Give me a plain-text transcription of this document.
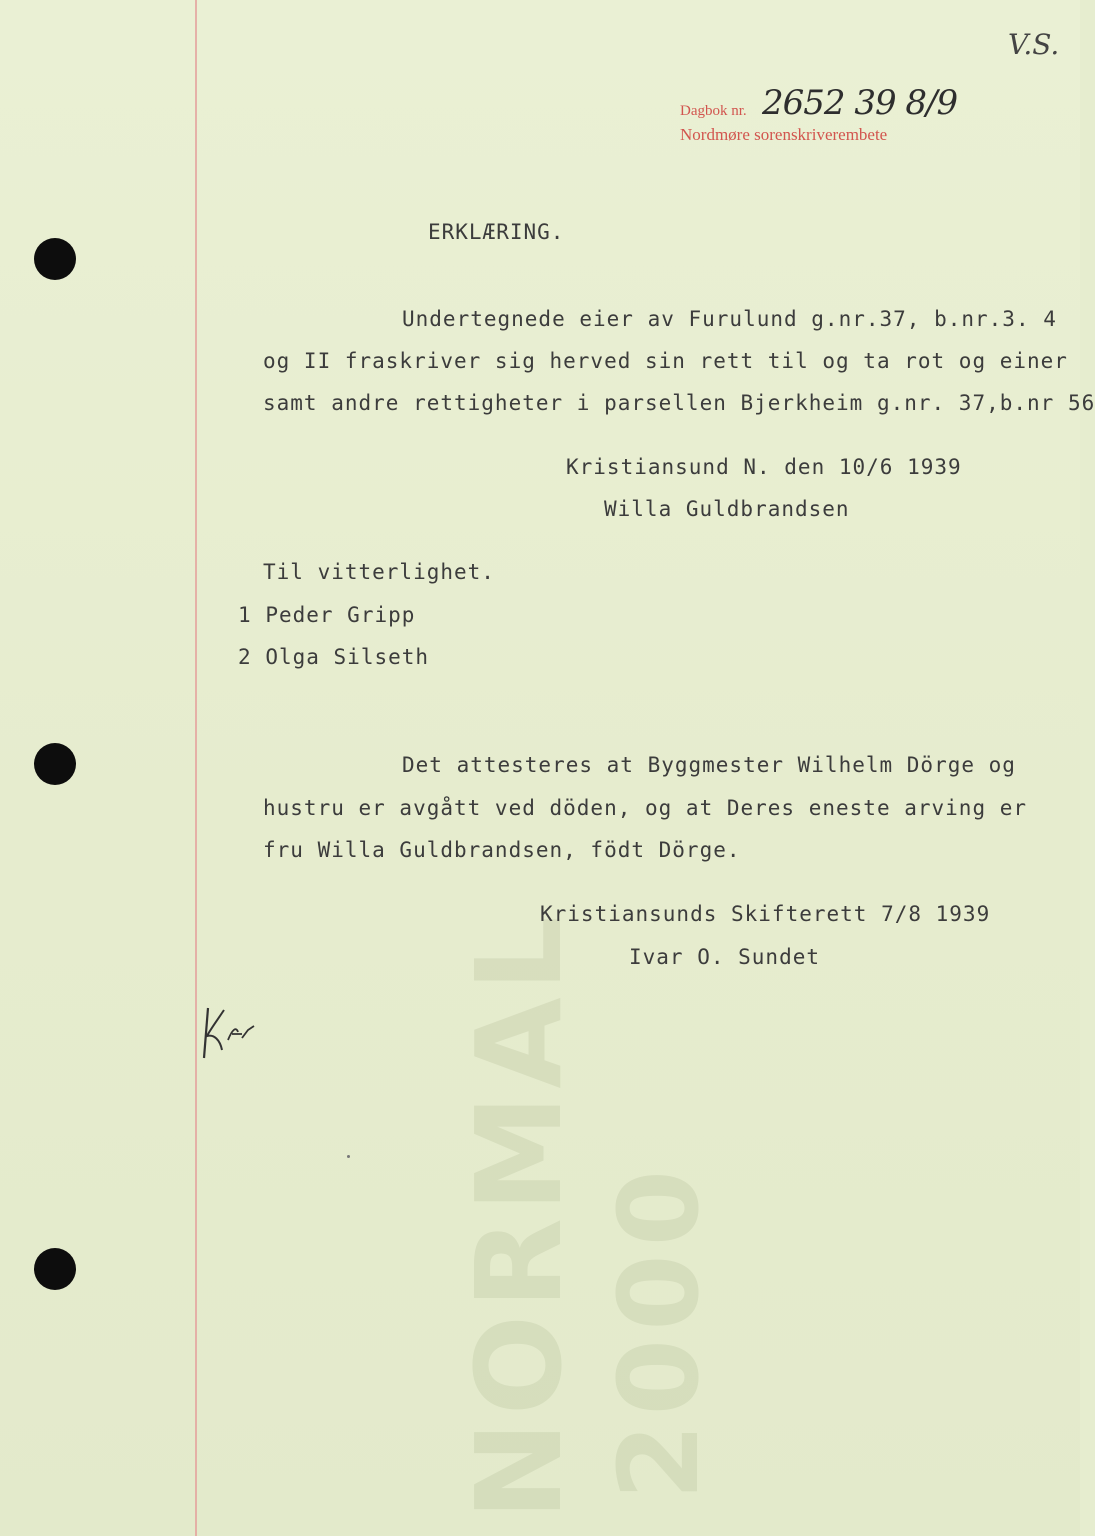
NORMAL 2000
V.S.
Dagbok nr. 2652 39 8/9
Nordmøre sorenskriverembete
ERKLÆRING.
Undertegnede eier av Furulund g.nr.37, b.nr.3. 4
og II fraskriver sig herved sin rett til og ta rot og einer
samt andre rettigheter i parsellen Bjerkheim g.nr. 37,b.nr 56
Kristiansund N. den 10/6 1939
Willa Guldbrandsen
Til vitterlighet.
1 Peder Gripp
2 Olga Silseth
Det attesteres at Byggmester Wilhelm Dörge og
hustru er avgått ved döden, og at Deres eneste arving er
fru Willa Guldbrandsen, födt Dörge.
Kristiansunds Skifterett 7/8 1939
Ivar O. Sundet
